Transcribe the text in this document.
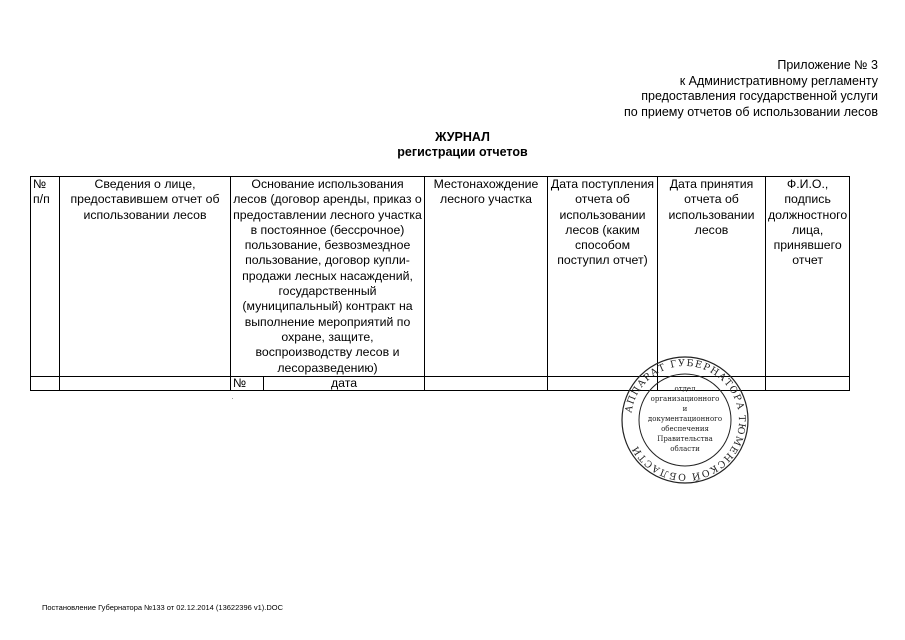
Приложение № 3
к Административному регламенту
предоставления государственной услуги
по приему отчетов об использовании лесов
ЖУРНАЛ
регистрации отчетов
№ п/п	Сведения о лице, предоставившем отчет об использовании лесов	Основание использования лесов (договор аренды, приказ о предоставлении лесного участка в постоянное (бессрочное) пользование, безвозмездное пользование, договор купли-продажи лесных насаждений, государственный (муниципальный) контракт на выполнение мероприятий по охране, защите, воспроизводству лесов и лесоразведению)	Местонахождение лесного участка	Дата поступления отчета об использовании лесов (каким способом поступил отчет)	Дата принятия отчета об использовании лесов	Ф.И.О., подпись должностного лица, принявшего отчет

		№ дата				

АППАРАТ ГУБЕРНАТОРА ТЮМЕНСКОЙ ОБЛАСТИ
отдел
организационного
и
документационного
обеспечения
Правительства
области
Постановление Губернатора №133 от 02.12.2014 (13622396 v1).DOC
